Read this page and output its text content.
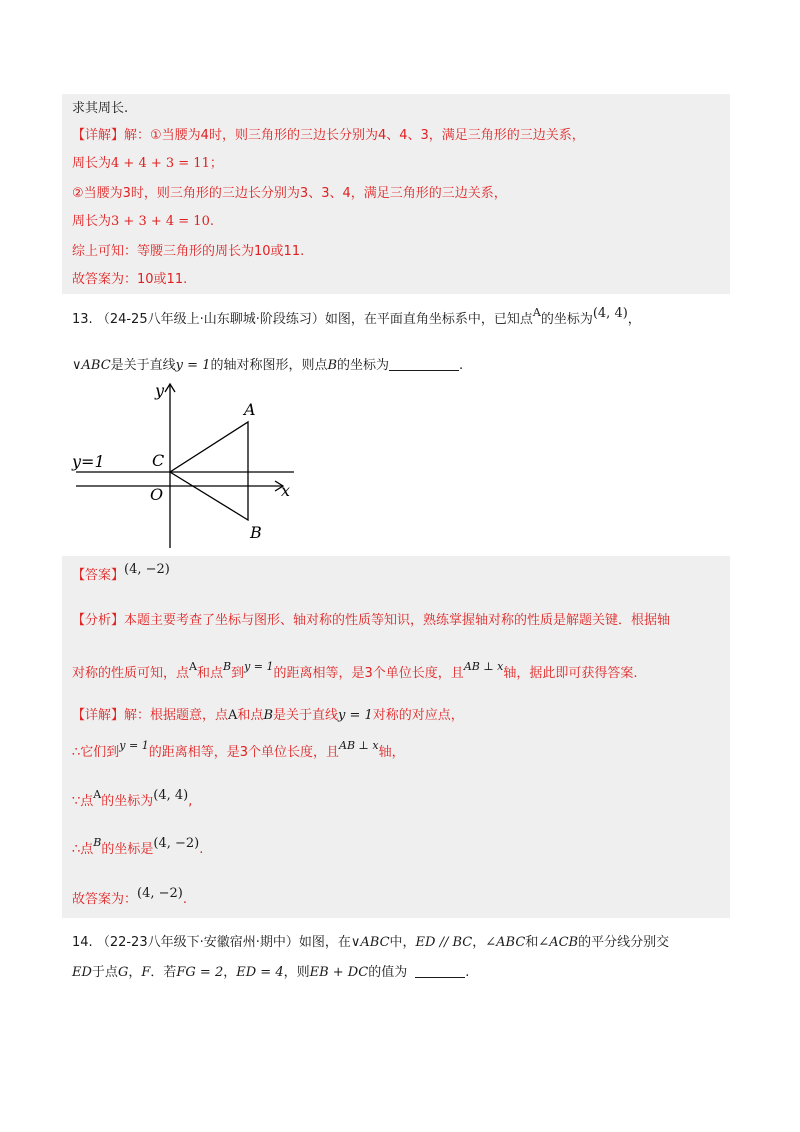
求其周长.
【详解】解：①当腰为4时，则三角形的三边长分别为4、4、3，满足三角形的三边关系，
周长为4 + 4 + 3 = 11；
②当腰为3时，则三角形的三边长分别为3、3、4，满足三角形的三边关系，
周长为3 + 3 + 4 = 10.
综上可知：等腰三角形的周长为10或11.
故答案为：10或11.
13. （24-25八年级上·山东聊城·阶段练习）如图，在平面直角坐标系中，已知点$^A$的坐标为(4, 4)，
∨ABC是关于直线y = 1的轴对称图形，则点B的坐标为	.
y
x
A
B
C
O
y=1
【答案】(4, −2)
【分析】本题主要考查了坐标与图形、轴对称的性质等知识，熟练掌握轴对称的性质是解题关键．根据轴
对称的性质可知，点$^A$和点$^B$到$^{y = 1}$的距离相等，是3个单位长度，且$^{AB \perp x}$轴，据此即可获得答案.
【详解】解：根据题意，点A和点B是关于直线y = 1对称的对应点，
∴它们到$^{y = 1}$的距离相等，是3个单位长度，且$^{AB \perp x}$轴，
∵点$^A$的坐标为(4, 4),
∴点$^B$的坐标是(4, −2).
故答案为：(4, −2).
14. （22-23八年级下·安徽宿州·期中）如图，在∨ABC中，ED // BC，∠ABC和∠ACB的平分线分别交
ED于点G，F．若FG = 2，ED = 4，则EB + DC的值为	.
